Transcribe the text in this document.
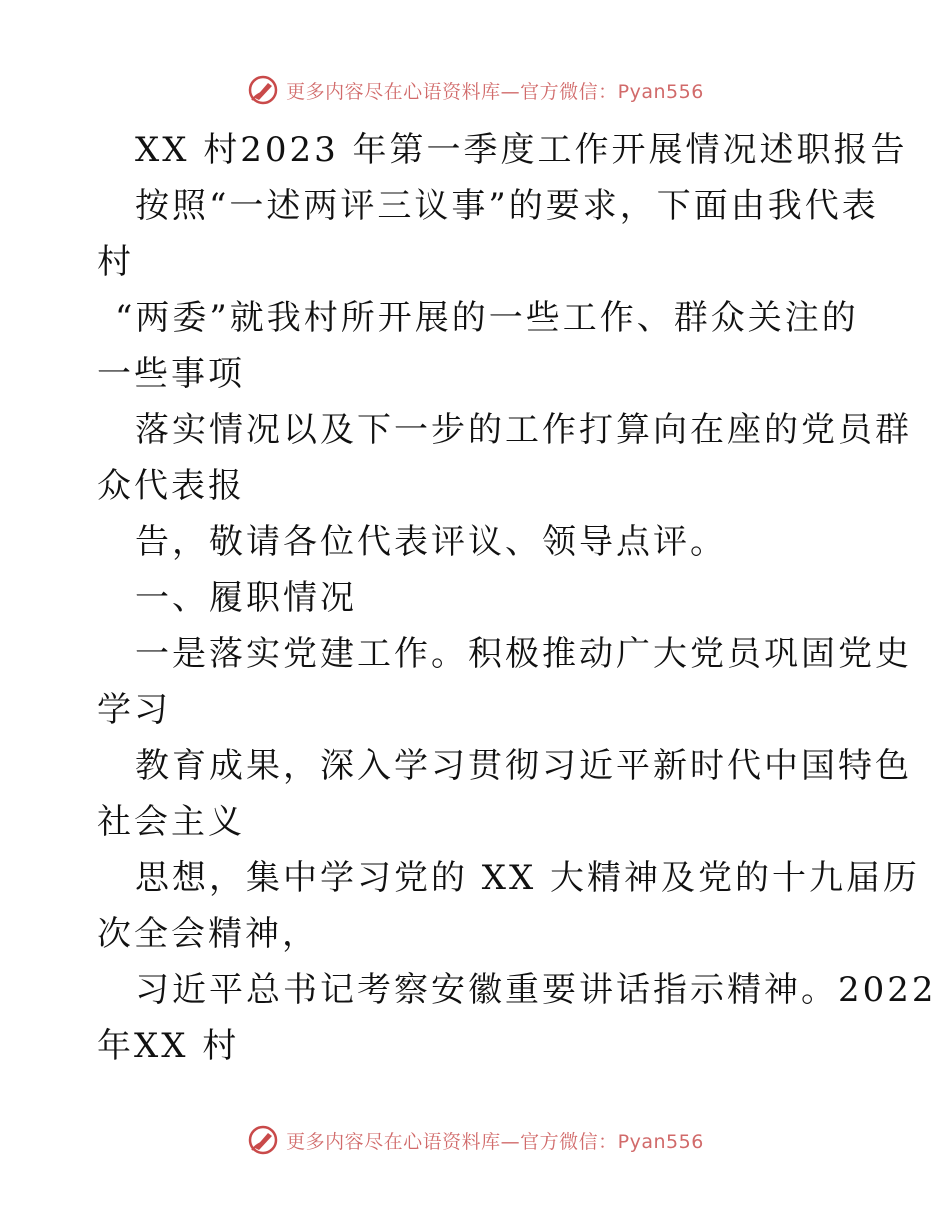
更多内容尽在心语资料库—官方微信：Pyan556
XX 村2023 年第一季度工作开展情况述职报告
按照“一述两评三议事”的要求，下面由我代表
村
“两委”就我村所开展的一些工作、群众关注的
一些事项
落实情况以及下一步的工作打算向在座的党员群
众代表报
告，敬请各位代表评议、领导点评。
一、履职情况
一是落实党建工作。积极推动广大党员巩固党史
学习
教育成果，深入学习贯彻习近平新时代中国特色
社会主义
思想，集中学习党的 XX 大精神及党的十九届历
次全会精神，
习近平总书记考察安徽重要讲话指示精神。2022
年XX 村
更多内容尽在心语资料库—官方微信：Pyan556
